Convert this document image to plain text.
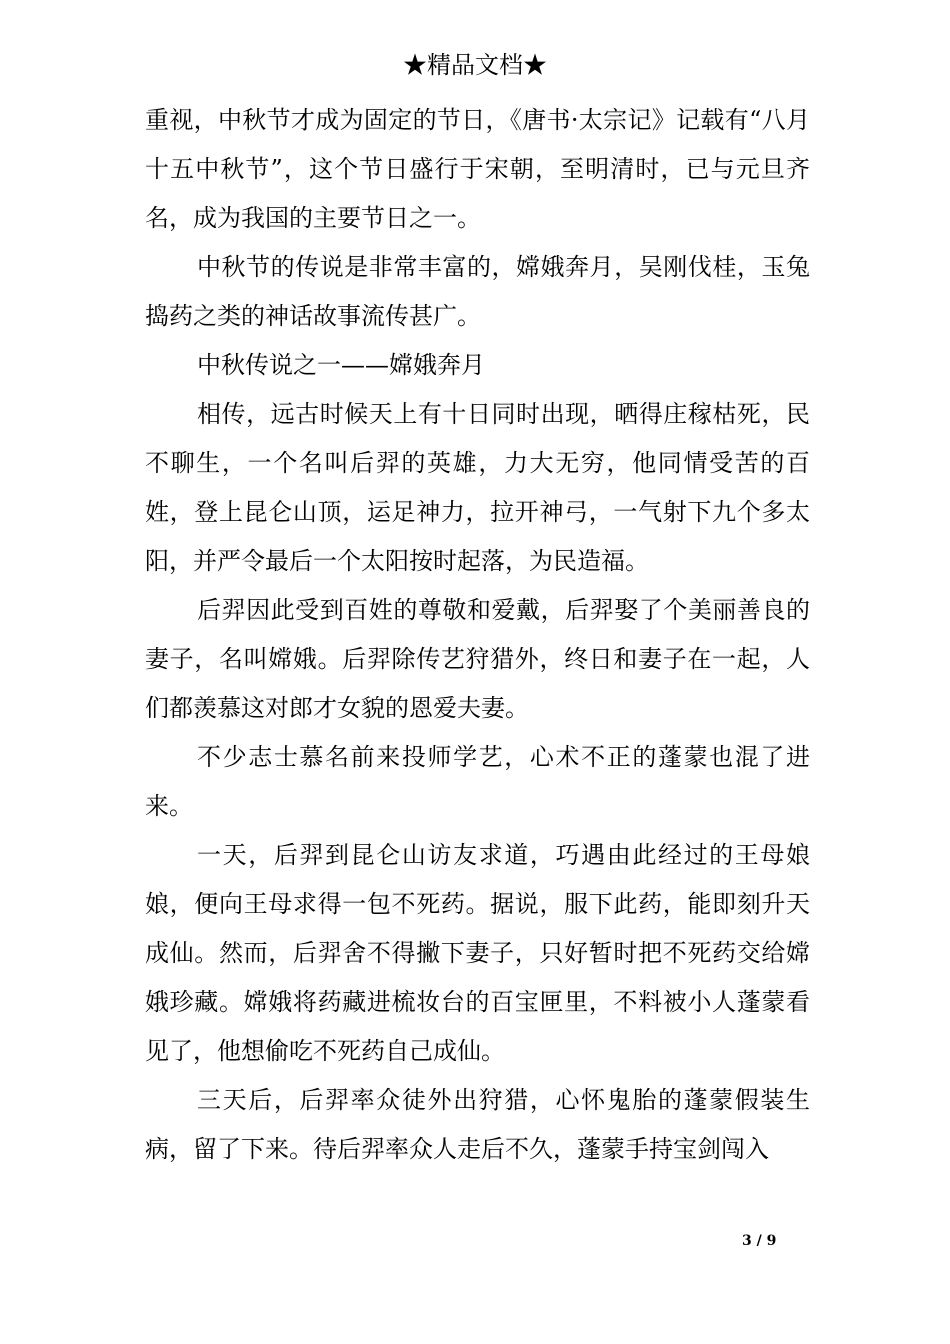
★精品文档★

重视，中秋节才成为固定的节日，《唐书·太宗记》记载有“八月十五中秋节”，这个节日盛行于宋朝，至明清时，已与元旦齐名，成为我国的主要节日之一。

中秋节的传说是非常丰富的，嫦娥奔月，吴刚伐桂，玉兔捣药之类的神话故事流传甚广。

中秋传说之一——嫦娥奔月

相传，远古时候天上有十日同时出现，晒得庄稼枯死，民不聊生，一个名叫后羿的英雄，力大无穷，他同情受苦的百姓，登上昆仑山顶，运足神力，拉开神弓，一气射下九个多太阳，并严令最后一个太阳按时起落，为民造福。

后羿因此受到百姓的尊敬和爱戴，后羿娶了个美丽善良的妻子，名叫嫦娥。后羿除传艺狩猎外，终日和妻子在一起，人们都羡慕这对郎才女貌的恩爱夫妻。

不少志士慕名前来投师学艺，心术不正的蓬蒙也混了进来。

一天，后羿到昆仑山访友求道，巧遇由此经过的王母娘娘，便向王母求得一包不死药。据说，服下此药，能即刻升天成仙。然而，后羿舍不得撇下妻子，只好暂时把不死药交给嫦娥珍藏。嫦娥将药藏进梳妆台的百宝匣里，不料被小人蓬蒙看见了，他想偷吃不死药自己成仙。

三天后，后羿率众徒外出狩猎，心怀鬼胎的蓬蒙假装生病，留了下来。待后羿率众人走后不久，蓬蒙手持宝剑闯入

3 / 9
